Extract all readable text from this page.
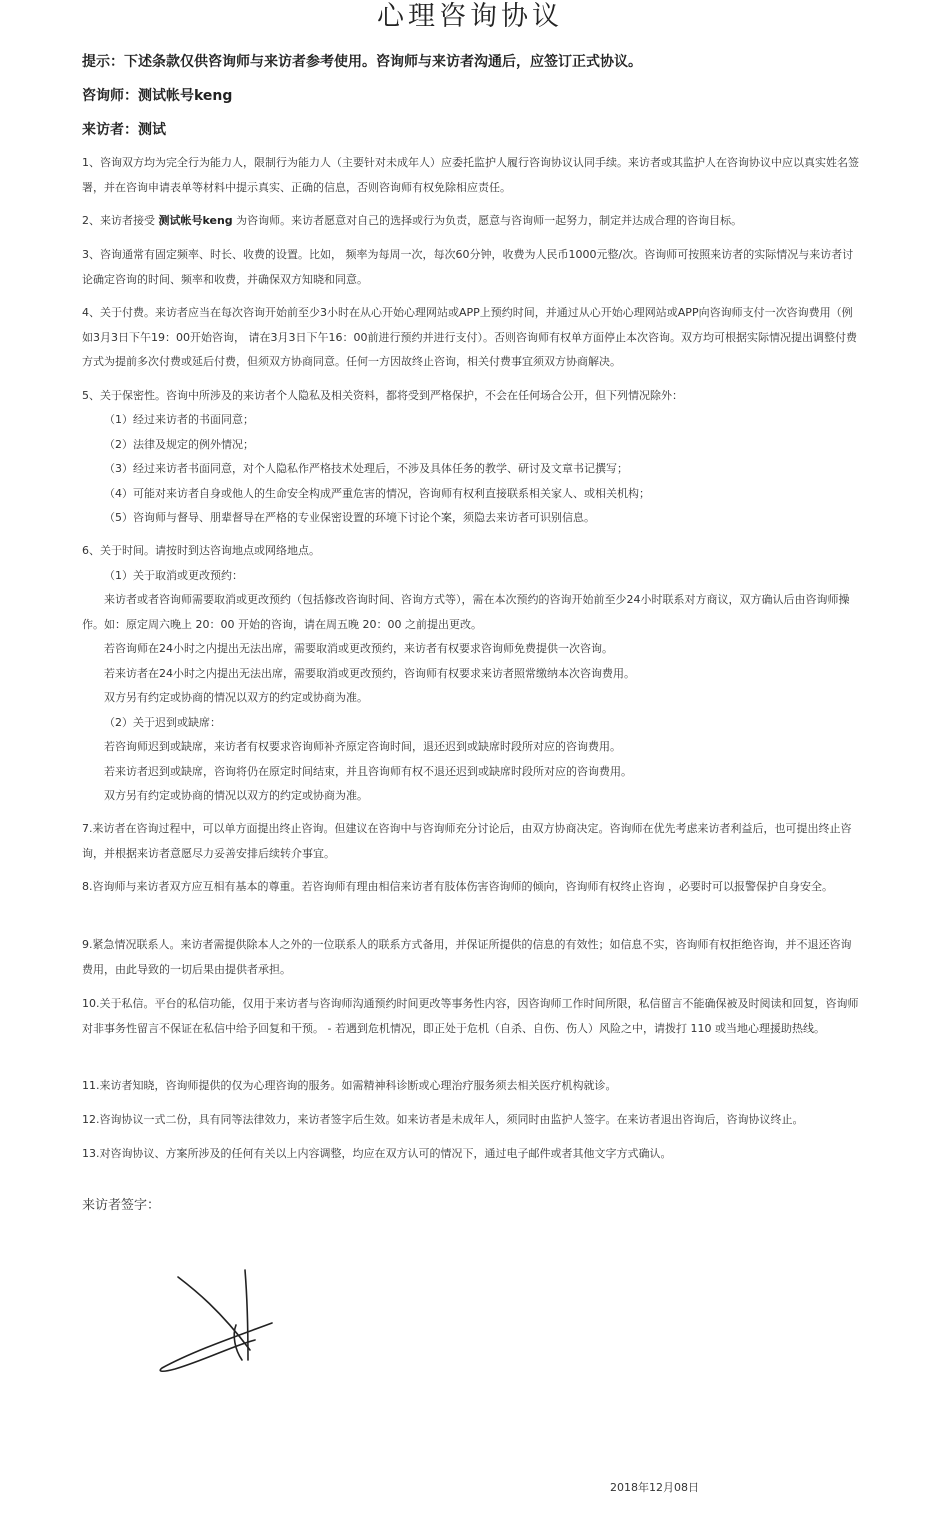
心理咨询协议
提示：下述条款仅供咨询师与来访者参考使用。咨询师与来访者沟通后，应签订正式协议。
咨询师：测试帐号keng
来访者：测试
1、咨询双方均为完全行为能力人，限制行为能力人（主要针对未成年人）应委托监护人履行咨询协议认同手续。来访者或其监护人在咨询协议中应以真实姓名签署，并在咨询申请表单等材料中提示真实、正确的信息，否则咨询师有权免除相应责任。
2、来访者接受 测试帐号keng 为咨询师。来访者愿意对自己的选择或行为负责，愿意与咨询师一起努力，制定并达成合理的咨询目标。
3、咨询通常有固定频率、时长、收费的设置。比如， 频率为每周一次，每次60分钟，收费为人民币1000元整/次。咨询师可按照来访者的实际情况与来访者讨论确定咨询的时间、频率和收费，并确保双方知晓和同意。
4、关于付费。来访者应当在每次咨询开始前至少3小时在从心开始心理网站或APP上预约时间，并通过从心开始心理网站或APP向咨询师支付一次咨询费用（例如3月3日下午19：00开始咨询， 请在3月3日下午16：00前进行预约并进行支付）。否则咨询师有权单方面停止本次咨询。双方均可根据实际情况提出调整付费方式为提前多次付费或延后付费，但须双方协商同意。任何一方因故终止咨询，相关付费事宜须双方协商解决。
5、关于保密性。咨询中所涉及的来访者个人隐私及相关资料，都将受到严格保护，不会在任何场合公开，但下列情况除外：
（1）经过来访者的书面同意；
（2）法律及规定的例外情况；
（3）经过来访者书面同意，对个人隐私作严格技术处理后，不涉及具体任务的教学、研讨及文章书记撰写；
（4）可能对来访者自身或他人的生命安全构成严重危害的情况，咨询师有权利直接联系相关家人、或相关机构；
（5）咨询师与督导、朋辈督导在严格的专业保密设置的环境下讨论个案，须隐去来访者可识别信息。
6、关于时间。请按时到达咨询地点或网络地点。
（1）关于取消或更改预约：
来访者或者咨询师需要取消或更改预约（包括修改咨询时间、咨询方式等），需在本次预约的咨询开始前至少24小时联系对方商议，双方确认后由咨询师操作。如：原定周六晚上 20：00 开始的咨询，请在周五晚 20：00 之前提出更改。
若咨询师在24小时之内提出无法出席，需要取消或更改预约，来访者有权要求咨询师免费提供一次咨询。
若来访者在24小时之内提出无法出席，需要取消或更改预约，咨询师有权要求来访者照常缴纳本次咨询费用。
双方另有约定或协商的情况以双方的约定或协商为准。
（2）关于迟到或缺席：
若咨询师迟到或缺席，来访者有权要求咨询师补齐原定咨询时间，退还迟到或缺席时段所对应的咨询费用。
若来访者迟到或缺席，咨询将仍在原定时间结束，并且咨询师有权不退还迟到或缺席时段所对应的咨询费用。
双方另有约定或协商的情况以双方的约定或协商为准。
7.来访者在咨询过程中，可以单方面提出终止咨询。但建议在咨询中与咨询师充分讨论后，由双方协商决定。咨询师在优先考虑来访者利益后，也可提出终止咨询，并根据来访者意愿尽力妥善安排后续转介事宜。
8.咨询师与来访者双方应互相有基本的尊重。若咨询师有理由相信来访者有肢体伤害咨询师的倾向，咨询师有权终止咨询 ，必要时可以报警保护自身安全。
9.紧急情况联系人。来访者需提供除本人之外的一位联系人的联系方式备用，并保证所提供的信息的有效性；如信息不实，咨询师有权拒绝咨询，并不退还咨询费用，由此导致的一切后果由提供者承担。
10.关于私信。平台的私信功能，仅用于来访者与咨询师沟通预约时间更改等事务性内容，因咨询师工作时间所限，私信留言不能确保被及时阅读和回复，咨询师对非事务性留言不保证在私信中给予回复和干预。 - 若遇到危机情况，即正处于危机（自杀、自伤、伤人）风险之中，请拨打 110 或当地心理援助热线。
11.来访者知晓，咨询师提供的仅为心理咨询的服务。如需精神科诊断或心理治疗服务须去相关医疗机构就诊。
12.咨询协议一式二份，具有同等法律效力，来访者签字后生效。如来访者是未成年人，须同时由监护人签字。在来访者退出咨询后，咨询协议终止。
13.对咨询协议、方案所涉及的任何有关以上内容调整，均应在双方认可的情况下，通过电子邮件或者其他文字方式确认。
来访者签字：
2018年12月08日
